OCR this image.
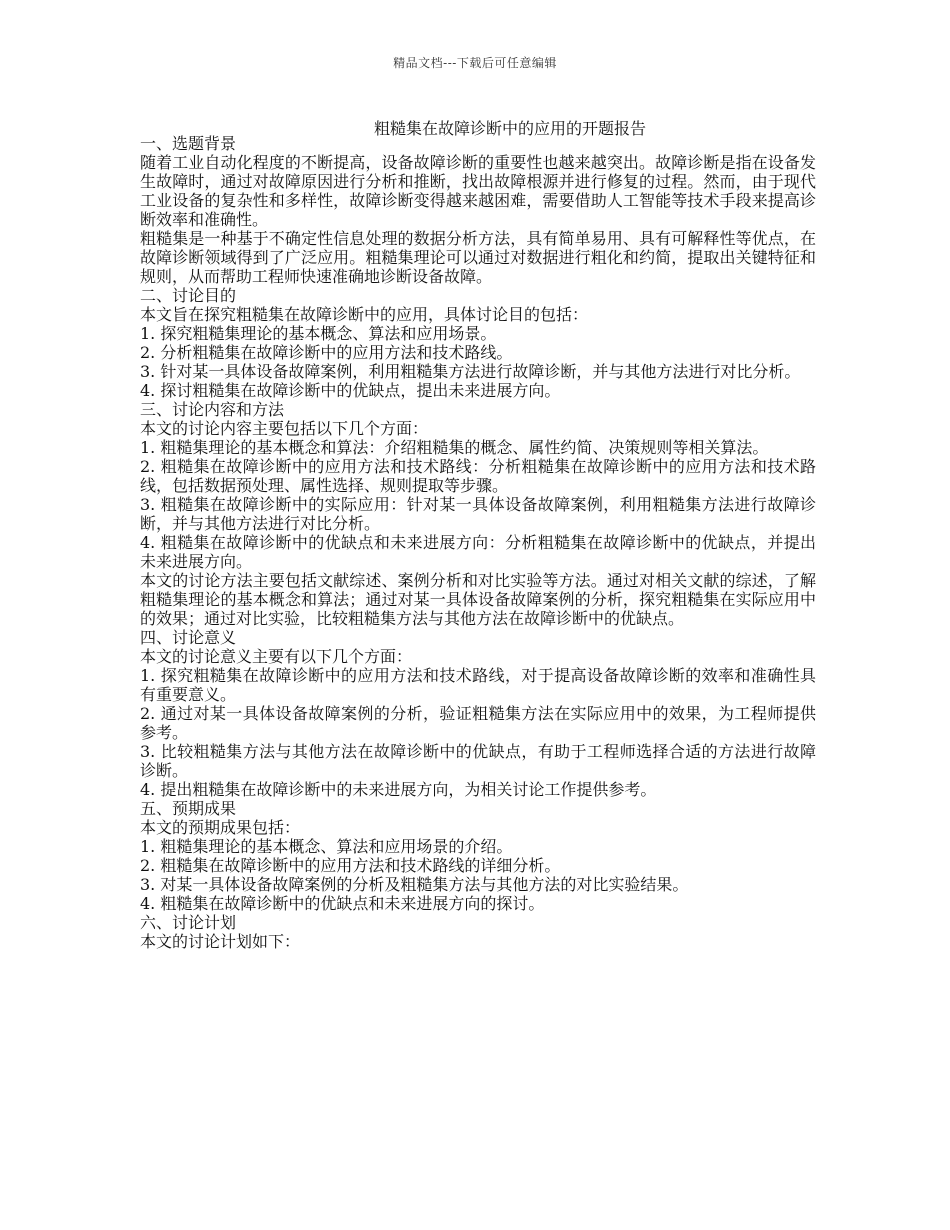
精品文档---下载后可任意编辑
粗糙集在故障诊断中的应用的开题报告

一、选题背景

随着工业自动化程度的不断提高，设备故障诊断的重要性也越来越突出。故障诊断是指在设备发生故障时，通过对故障原因进行分析和推断，找出故障根源并进行修复的过程。然而，由于现代工业设备的复杂性和多样性，故障诊断变得越来越困难，需要借助人工智能等技术手段来提高诊断效率和准确性。

粗糙集是一种基于不确定性信息处理的数据分析方法，具有简单易用、具有可解释性等优点，在故障诊断领域得到了广泛应用。粗糙集理论可以通过对数据进行粗化和约简，提取出关键特征和规则，从而帮助工程师快速准确地诊断设备故障。

二、讨论目的

本文旨在探究粗糙集在故障诊断中的应用，具体讨论目的包括：

1. 探究粗糙集理论的基本概念、算法和应用场景。

2. 分析粗糙集在故障诊断中的应用方法和技术路线。

3. 针对某一具体设备故障案例，利用粗糙集方法进行故障诊断，并与其他方法进行对比分析。

4. 探讨粗糙集在故障诊断中的优缺点，提出未来进展方向。

三、讨论内容和方法

本文的讨论内容主要包括以下几个方面：

1. 粗糙集理论的基本概念和算法：介绍粗糙集的概念、属性约简、决策规则等相关算法。

2. 粗糙集在故障诊断中的应用方法和技术路线：分析粗糙集在故障诊断中的应用方法和技术路线，包括数据预处理、属性选择、规则提取等步骤。

3. 粗糙集在故障诊断中的实际应用：针对某一具体设备故障案例，利用粗糙集方法进行故障诊断，并与其他方法进行对比分析。

4. 粗糙集在故障诊断中的优缺点和未来进展方向：分析粗糙集在故障诊断中的优缺点，并提出未来进展方向。

本文的讨论方法主要包括文献综述、案例分析和对比实验等方法。通过对相关文献的综述，了解粗糙集理论的基本概念和算法；通过对某一具体设备故障案例的分析，探究粗糙集在实际应用中的效果；通过对比实验，比较粗糙集方法与其他方法在故障诊断中的优缺点。

四、讨论意义

本文的讨论意义主要有以下几个方面：

1. 探究粗糙集在故障诊断中的应用方法和技术路线，对于提高设备故障诊断的效率和准确性具有重要意义。

2. 通过对某一具体设备故障案例的分析，验证粗糙集方法在实际应用中的效果，为工程师提供参考。

3. 比较粗糙集方法与其他方法在故障诊断中的优缺点，有助于工程师选择合适的方法进行故障诊断。

4. 提出粗糙集在故障诊断中的未来进展方向，为相关讨论工作提供参考。

五、预期成果

本文的预期成果包括：

1. 粗糙集理论的基本概念、算法和应用场景的介绍。

2. 粗糙集在故障诊断中的应用方法和技术路线的详细分析。

3. 对某一具体设备故障案例的分析及粗糙集方法与其他方法的对比实验结果。

4. 粗糙集在故障诊断中的优缺点和未来进展方向的探讨。

六、讨论计划

本文的讨论计划如下：
